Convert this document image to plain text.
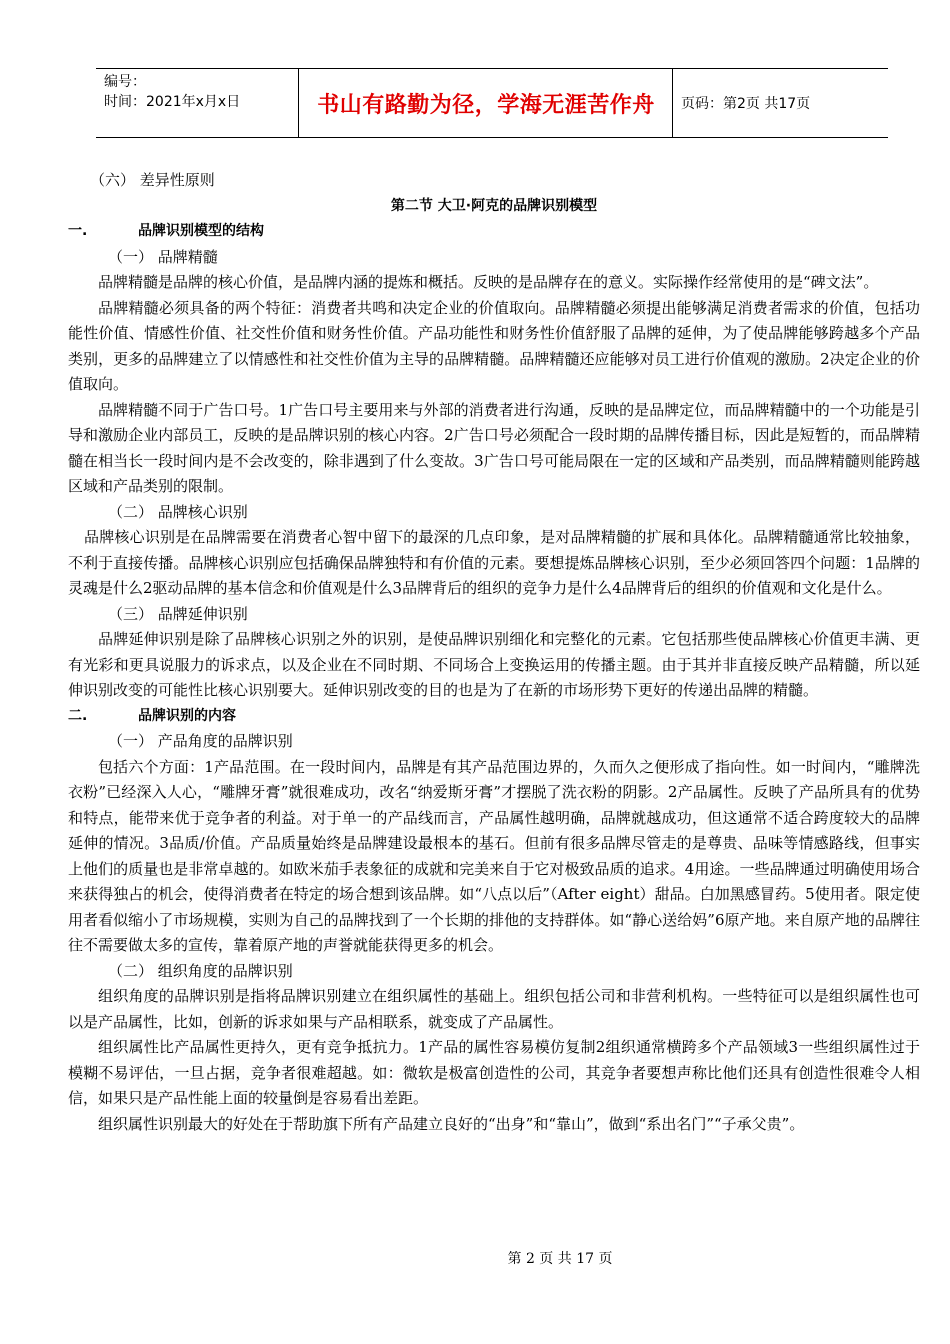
编号：
时间：2021年x月x日	书山有路勤为径，学海无涯苦作舟	页码：第2页 共17页

（六） 差异性原则

第二节 大卫·阿克的品牌识别模型

一.	品牌识别模型的结构

（一） 品牌精髓

品牌精髓是品牌的核心价值，是品牌内涵的提炼和概括。反映的是品牌存在的意义。实际操作经常使用的是“碑文法”。

品牌精髓必须具备的两个特征：消费者共鸣和决定企业的价值取向。品牌精髓必须提出能够满足消费者需求的价值，包括功能性价值、情感性价值、社交性价值和财务性价值。产品功能性和财务性价值舒服了品牌的延伸，为了使品牌能够跨越多个产品类别，更多的品牌建立了以情感性和社交性价值为主导的品牌精髓。品牌精髓还应能够对员工进行价值观的激励。2决定企业的价值取向。

品牌精髓不同于广告口号。1广告口号主要用来与外部的消费者进行沟通，反映的是品牌定位，而品牌精髓中的一个功能是引导和激励企业内部员工，反映的是品牌识别的核心内容。2广告口号必须配合一段时期的品牌传播目标，因此是短暂的，而品牌精髓在相当长一段时间内是不会改变的，除非遇到了什么变故。3广告口号可能局限在一定的区域和产品类别，而品牌精髓则能跨越区域和产品类别的限制。

（二） 品牌核心识别

品牌核心识别是在品牌需要在消费者心智中留下的最深的几点印象，是对品牌精髓的扩展和具体化。品牌精髓通常比较抽象，不利于直接传播。品牌核心识别应包括确保品牌独特和有价值的元素。要想提炼品牌核心识别，至少必须回答四个问题：1品牌的灵魂是什么2驱动品牌的基本信念和价值观是什么3品牌背后的组织的竞争力是什么4品牌背后的组织的价值观和文化是什么。

（三） 品牌延伸识别

品牌延伸识别是除了品牌核心识别之外的识别，是使品牌识别细化和完整化的元素。它包括那些使品牌核心价值更丰满、更有光彩和更具说服力的诉求点，以及企业在不同时期、不同场合上变换运用的传播主题。由于其并非直接反映产品精髓，所以延伸识别改变的可能性比核心识别要大。延伸识别改变的目的也是为了在新的市场形势下更好的传递出品牌的精髓。

二.	品牌识别的内容

（一） 产品角度的品牌识别

包括六个方面：1产品范围。在一段时间内，品牌是有其产品范围边界的，久而久之便形成了指向性。如一时间内，“雕牌洗衣粉”已经深入人心，“雕牌牙膏”就很难成功，改名“纳爱斯牙膏”才摆脱了洗衣粉的阴影。2产品属性。反映了产品所具有的优势和特点，能带来优于竞争者的利益。对于单一的产品线而言，产品属性越明确，品牌就越成功，但这通常不适合跨度较大的品牌延伸的情况。3品质/价值。产品质量始终是品牌建设最根本的基石。但前有很多品牌尽管走的是尊贵、品味等情感路线，但事实上他们的质量也是非常卓越的。如欧米茄手表象征的成就和完美来自于它对极致品质的追求。4用途。一些品牌通过明确使用场合来获得独占的机会，使得消费者在特定的场合想到该品牌。如“八点以后”（After eight）甜品。白加黑感冒药。5使用者。限定使用者看似缩小了市场规模，实则为自己的品牌找到了一个长期的排他的支持群体。如“静心送给妈”6原产地。来自原产地的品牌往往不需要做太多的宣传，靠着原产地的声誉就能获得更多的机会。

（二） 组织角度的品牌识别

组织角度的品牌识别是指将品牌识别建立在组织属性的基础上。组织包括公司和非营利机构。一些特征可以是组织属性也可以是产品属性，比如，创新的诉求如果与产品相联系，就变成了产品属性。

组织属性比产品属性更持久，更有竞争抵抗力。1产品的属性容易模仿复制2组织通常横跨多个产品领域3一些组织属性过于模糊不易评估，一旦占据，竞争者很难超越。如：微软是极富创造性的公司，其竞争者要想声称比他们还具有创造性很难令人相信，如果只是产品性能上面的较量倒是容易看出差距。

组织属性识别最大的好处在于帮助旗下所有产品建立良好的“出身”和“靠山”，做到“系出名门”“子承父贵”。

第 2 页 共 17 页
